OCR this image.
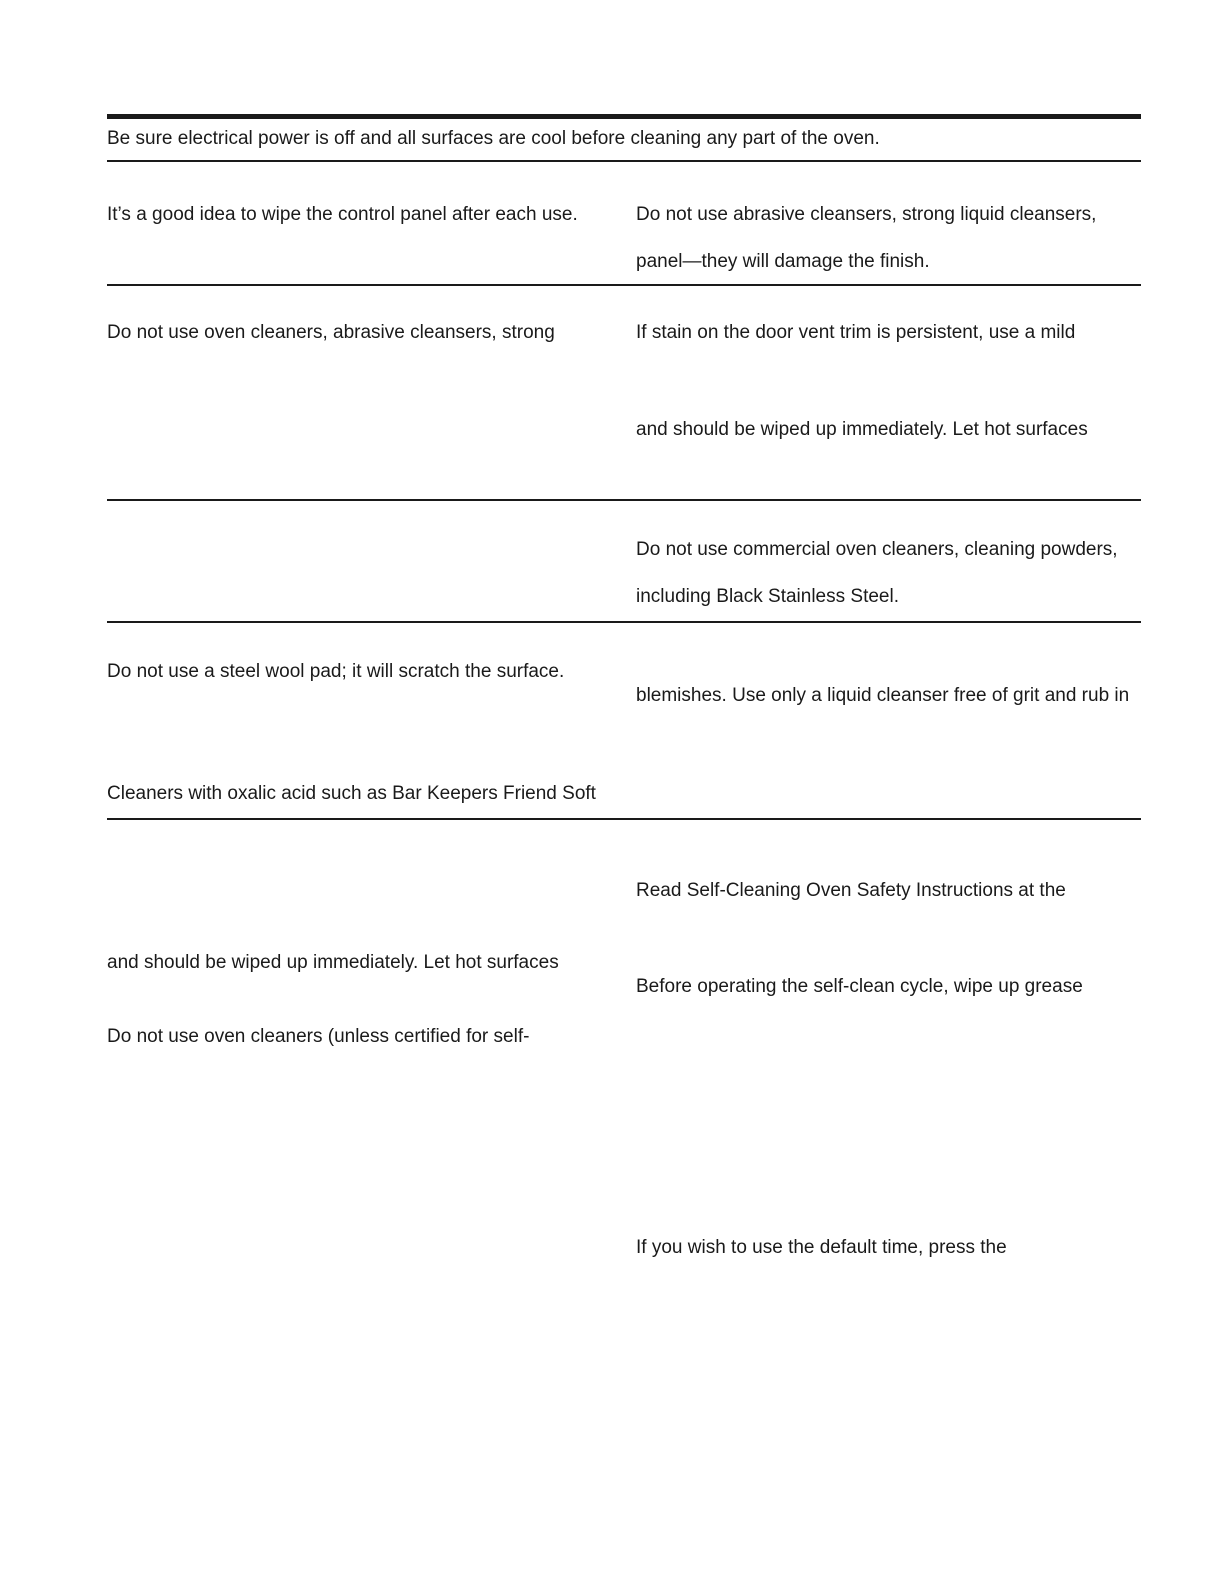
Be sure electrical power is off and all surfaces are cool before cleaning any part of the oven.
It’s a good idea to wipe the control panel after each use.	Do not use abrasive cleansers, strong liquid cleansers,
panel—they will damage the finish.
Do not use oven cleaners, abrasive cleansers, strong	If stain on the door vent trim is persistent, use a mild
and should be wiped up immediately. Let hot surfaces
Do not use commercial oven cleaners, cleaning powders,
including Black Stainless Steel.
Do not use a steel wool pad; it will scratch the surface.
blemishes. Use only a liquid cleanser free of grit and rub in
Cleaners with oxalic acid such as Bar Keepers Friend Soft
Read Self-Cleaning Oven Safety Instructions at the
and should be wiped up immediately. Let hot surfaces
Before operating the self-clean cycle, wipe up grease
Do not use oven cleaners (unless certified for self-
If you wish to use the default time, press the
